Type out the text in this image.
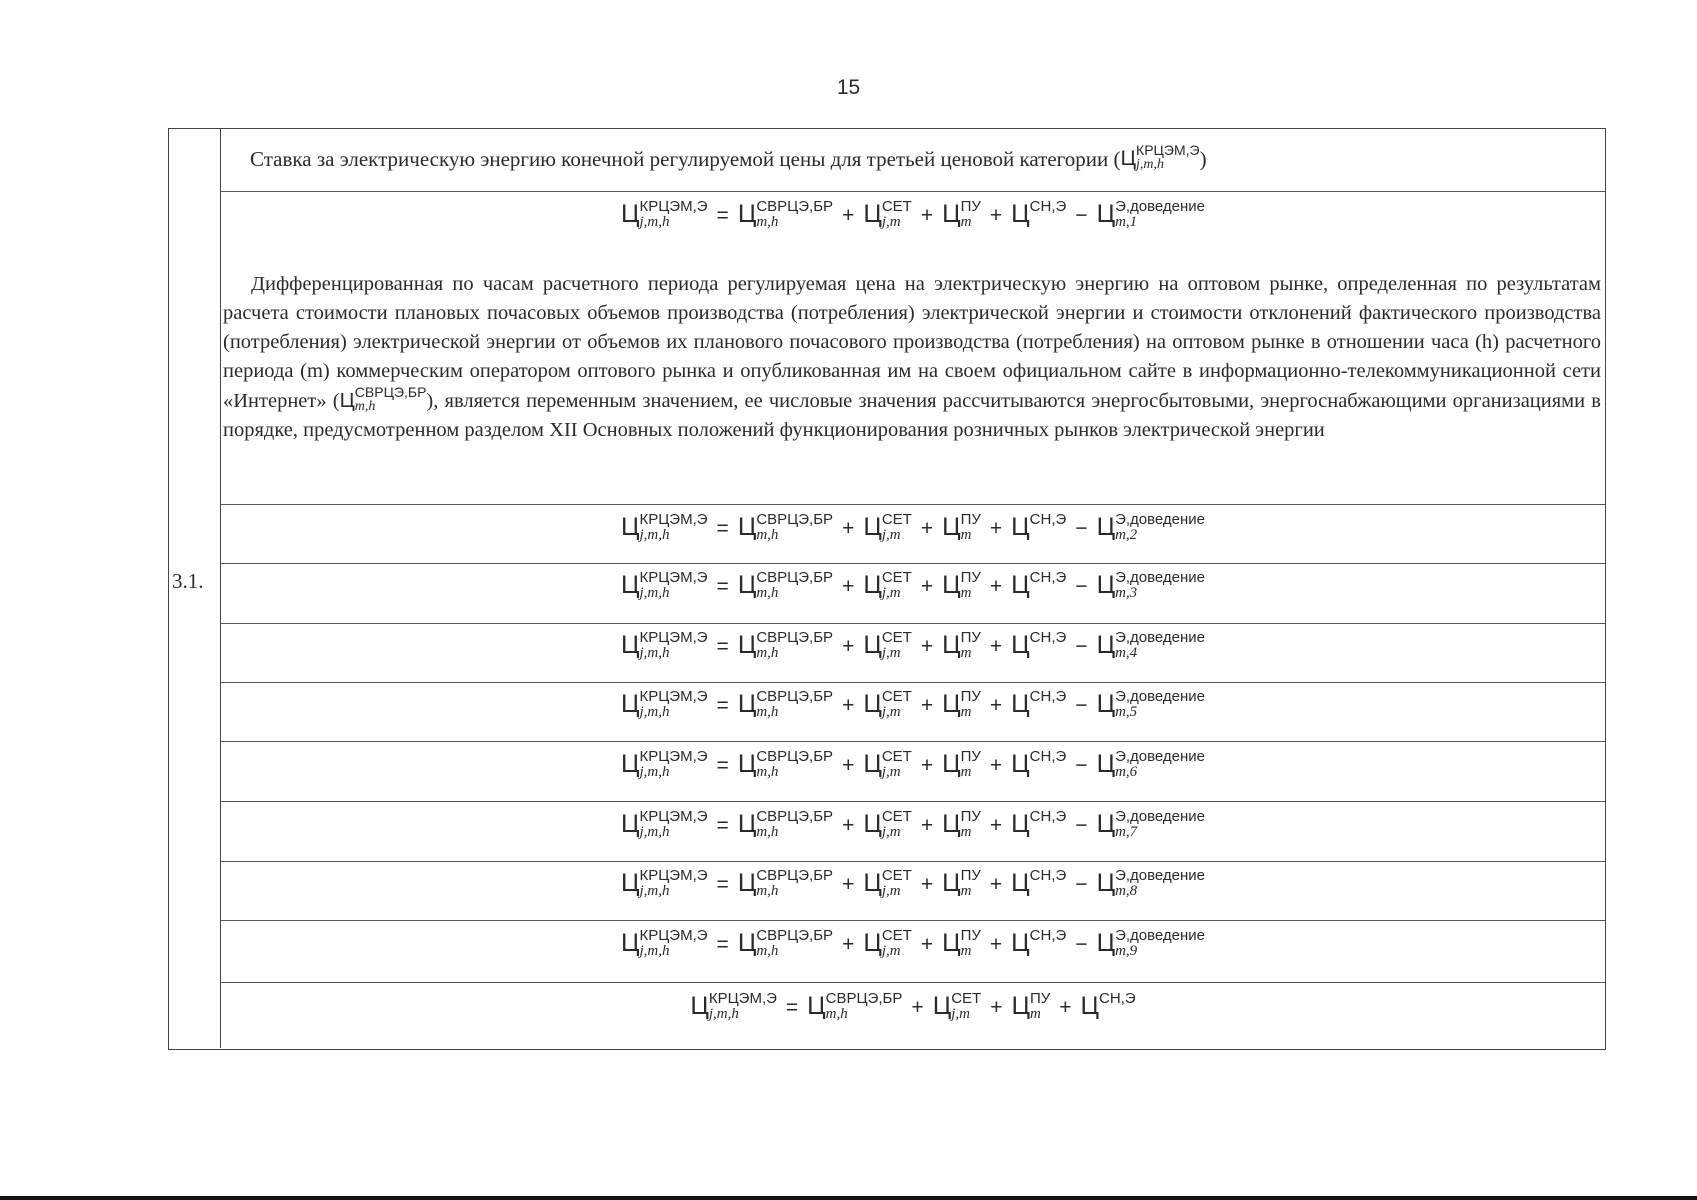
15
3.1.
Ставка за электрическую энергию конечной регулируемой цены для третьей ценовой категории ( Ц КРЦЭМ,Э
j,m,h	)
Дифференцированная по часам расчетного периода регулируемая цена на электрическую энергию на оптовом рынке, определенная по результатам расчета стоимости плановых почасовых объемов производства (потребления) электрической энергии и стоимости отклонений фактического производства (потребления) электрической энергии от объемов их планового почасового производства (потребления) на оптовом рынке в отношении часа (h) расчетного периода (m) коммерческим оператором оптового рынка и опубликованная им на своем официальном сайте в информационно-телекоммуникационной сети «Интернет» (Ц СВРЦЭ,БР
m,h	), является переменным значением, ее числовые значения рассчитываются энергосбытовыми, энергоснабжающими организациями в порядке, предусмотренном разделом XII Основных положений функционирования розничных рынков электрической энергии
Ц КРЦЭМ,Э
j,m,h	= Ц СВРЦЭ,БР
m,h	+ Ц СЕТ
j,m + Ц ПУ
m + Ц СН,Э
− Ц Э,доведение
m,1
Ц КРЦЭМ,Э
j,m,h	= Ц СВРЦЭ,БР
m,h	+ Ц СЕТ
j,m + Ц ПУ
m + Ц СН,Э
− Ц Э,доведение
m,2
Ц КРЦЭМ,Э
j,m,h	= Ц СВРЦЭ,БР
m,h	+ Ц СЕТ
j,m + Ц ПУ
m + Ц СН,Э
− Ц Э,доведение
m,3
Ц КРЦЭМ,Э
j,m,h	= Ц СВРЦЭ,БР
m,h	+ Ц СЕТ
j,m + Ц ПУ
m + Ц СН,Э
− Ц Э,доведение
m,4
Ц КРЦЭМ,Э
j,m,h	= Ц СВРЦЭ,БР
m,h	+ Ц СЕТ
j,m + Ц ПУ
m + Ц СН,Э
− Ц Э,доведение
m,5
Ц КРЦЭМ,Э
j,m,h	= Ц СВРЦЭ,БР
m,h	+ Ц СЕТ
j,m + Ц ПУ
m + Ц СН,Э
− Ц Э,доведение
m,6
Ц КРЦЭМ,Э
j,m,h	= Ц СВРЦЭ,БР
m,h	+ Ц СЕТ
j,m + Ц ПУ
m + Ц СН,Э
− Ц Э,доведение
m,7
Ц КРЦЭМ,Э
j,m,h	= Ц СВРЦЭ,БР
m,h	+ Ц СЕТ
j,m + Ц ПУ
m + Ц СН,Э
− Ц Э,доведение
m,8
Ц КРЦЭМ,Э
j,m,h	= Ц СВРЦЭ,БР
m,h	+ Ц СЕТ
j,m + Ц ПУ
m + Ц СН,Э
− Ц Э,доведение
m,9
Ц КРЦЭМ,Э
j,m,h	= Ц СВРЦЭ,БР
m,h	+ Ц СЕТ
j,m + Ц ПУ
m + Ц СН,Э
